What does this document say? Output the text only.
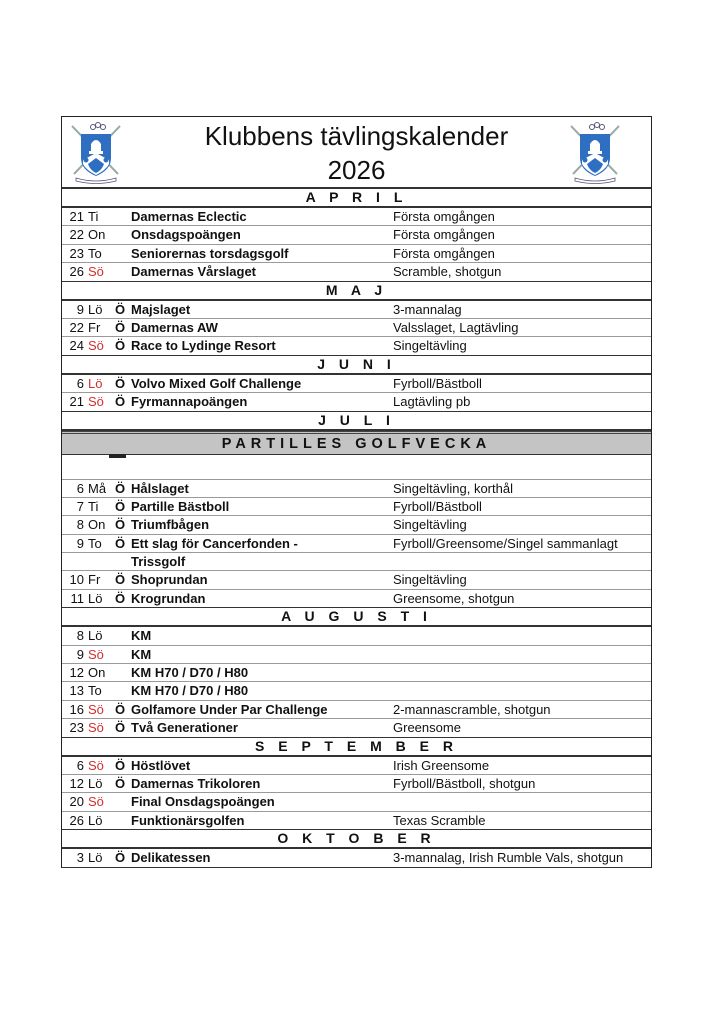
Klubbens tävlingskalender
2026
A P R I L
21 Ti	Damernas Eclectic	Första omgången
22 On Onsdagspoängen	Första omgången
23 To Seniorernas torsdagsgolf	Första omgången
26 Sö Damernas Vårslaget	Scramble, shotgun
M A J
9 Lö Ö Majslaget	3-mannalag
22 Fr Ö Damernas AW	Valsslaget, Lagtävling
24 Sö Ö Race to Lydinge Resort	Singeltävling
J U N I
6 Lö Ö Volvo Mixed Golf Challenge	Fyrboll/Bästboll
21 Sö Ö Fyrmannapoängen	Lagtävling pb
J U L I
PARTILLES GOLFVECKA
6 Må Ö Hålslaget	Singeltävling, korthål
7 Ti Ö Partille Bästboll	Fyrboll/Bästboll
8 On Ö Triumfbågen	Singeltävling
9 To Ö Ett slag för Cancerfonden -	Fyrboll/Greensome/Singel sammanlagt
Trissgolf
10 Fr Ö Shoprundan	Singeltävling
11 Lö Ö Krogrundan	Greensome, shotgun
A U G U S T I
8 Lö KM
9 Sö KM
12 On KM H70 / D70 / H80
13 To KM H70 / D70 / H80
16 Sö Ö Golfamore Under Par Challenge	2-mannascramble, shotgun
23 Sö Ö Två Generationer	Greensome
S E P T E M B E R
6 Sö Ö Höstlövet	Irish Greensome
12 Lö Ö Damernas Trikoloren	Fyrboll/Bästboll, shotgun
20 Sö Final Onsdagspoängen
26 Lö Funktionärsgolfen	Texas Scramble
O K T O B E R
3 Lö Ö Delikatessen	3-mannalag, Irish Rumble Vals, shotgun
